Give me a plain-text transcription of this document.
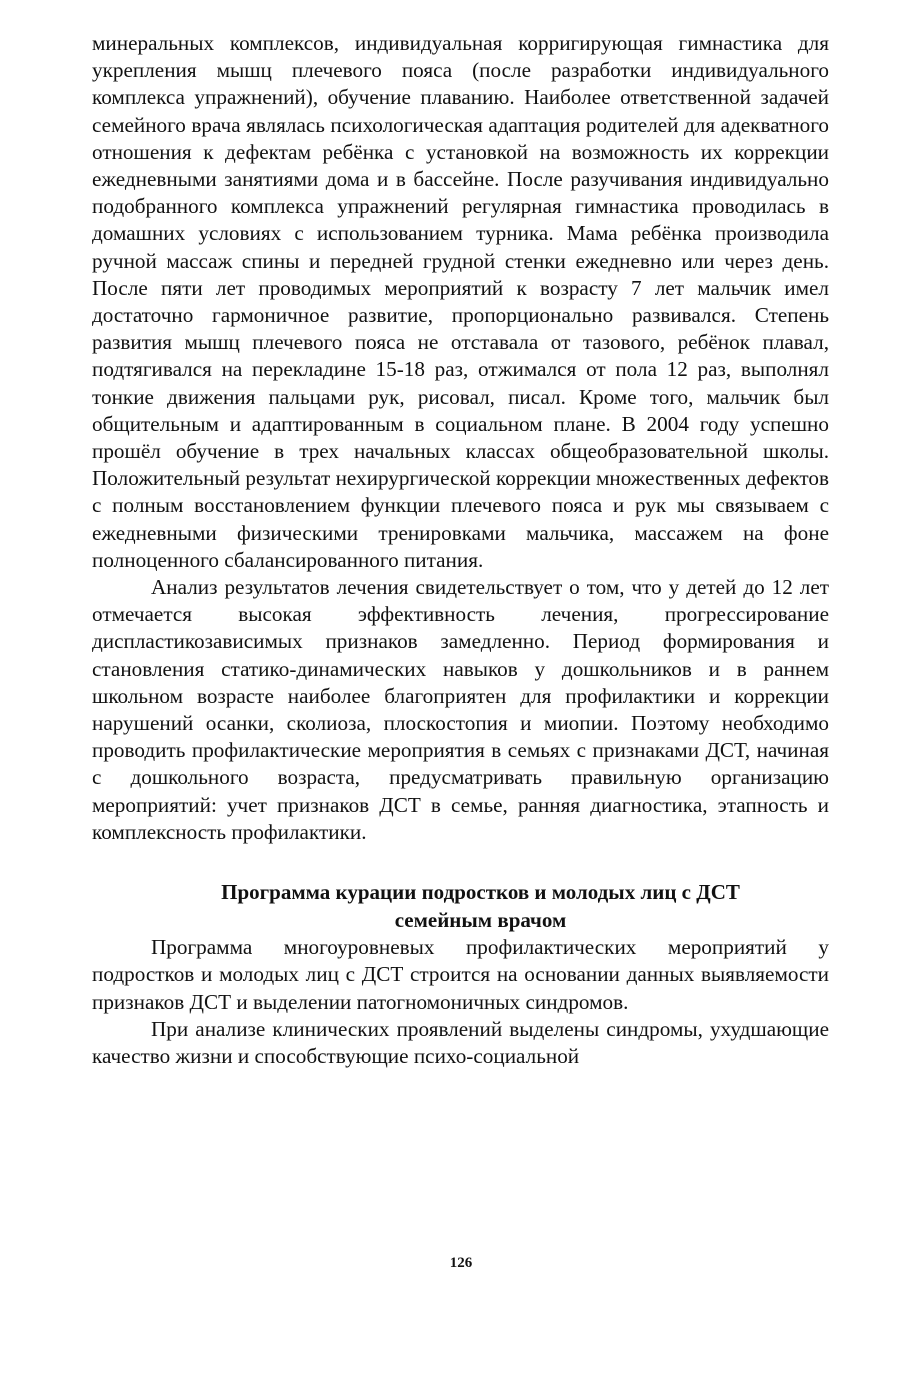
минеральных комплексов, индивидуальная корригирующая гимнастика для укрепления мышц плечевого пояса (после разработки индивидуального комплекса упражнений), обучение плаванию. Наиболее ответственной задачей семейного врача являлась психологическая адаптация родителей для адекватного отношения к дефектам ребёнка с установкой на возможность их коррекции ежедневными занятиями дома и в бассейне. После разучивания индивидуально подобранного комплекса упражнений регулярная гимнастика проводилась в домашних условиях с использованием турника. Мама ребёнка производила ручной массаж спины и передней грудной стенки ежедневно или через день. После пяти лет проводимых мероприятий к возрасту 7 лет мальчик имел достаточно гармоничное развитие, пропорционально развивался. Степень развития мышц плечевого пояса не отставала от тазового, ребёнок плавал, подтягивался на перекладине 15-18 раз, отжимался от пола 12 раз, выполнял тонкие движения пальцами рук, рисовал, писал. Кроме того, мальчик был общительным и адаптированным в социальном плане. В 2004 году успешно прошёл обучение в трех начальных классах общеобразовательной школы. Положительный результат нехирургической коррекции множественных дефектов с полным восстановлением функции плечевого пояса и рук мы связываем с ежедневными физическими тренировками мальчика, массажем на фоне полноценного сбалансированного питания.

Анализ результатов лечения свидетельствует о том, что у детей до 12 лет отмечается высокая эффективность лечения, прогрессирование диспластикозависимых признаков замедленно. Период формирования и становления статико-динамических навыков у дошкольников и в раннем школьном возрасте наиболее благоприятен для профилактики и коррекции нарушений осанки, сколиоза, плоскостопия и миопии. Поэтому необходимо проводить профилактические мероприятия в семьях с признаками ДСТ, начиная с дошкольного возраста, предусматривать правильную организацию мероприятий: учет признаков ДСТ в семье, ранняя диагностика, этапность и комплексность профилактики.

Программа курации подростков и молодых лиц с ДСТ
семейным врачом

Программа многоуровневых профилактических мероприятий у подростков и молодых лиц с ДСТ строится на основании данных выявляемости признаков ДСТ и выделении патогномоничных синдромов.

При анализе клинических проявлений выделены синдромы, ухудшающие качество жизни и способствующие психо-социальной

126
